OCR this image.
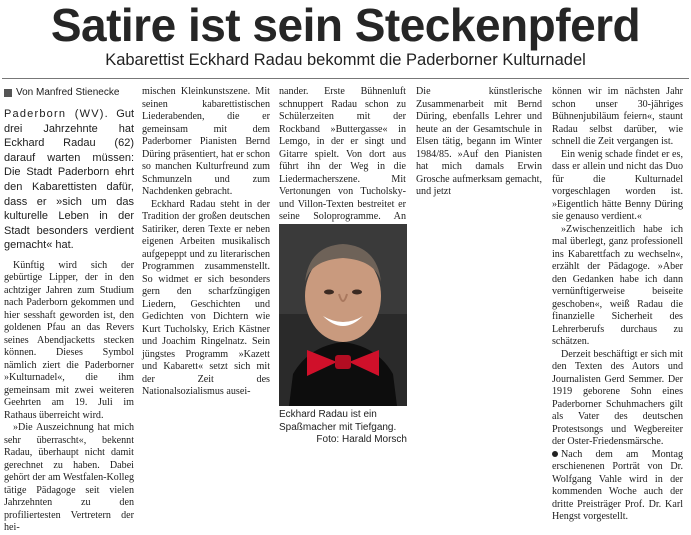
Satire ist sein Steckenpferd
Kabarettist Eckhard Radau bekommt die Paderborner Kulturnadel
Von Manfred Stienecke
Paderborn (WV). Gut drei Jahrzehnte hat Eckhard Radau (62) darauf warten müssen: Die Stadt Paderborn ehrt den Kabarettisten dafür, dass er »sich um das kulturelle Leben in der Stadt besonders verdient gemacht« hat.

Künftig wird sich der gebürtige Lipper, der in den achtziger Jahren zum Studium nach Paderborn gekommen und hier sesshaft geworden ist, den goldenen Pfau an das Revers seines Abendjacketts stecken können. Dieses Symbol nämlich ziert die Paderborner »Kulturnadel«, die ihm gemeinsam mit zwei weiteren Geehrten am 19. Juli im Rathaus überreicht wird.

»Die Auszeichnung hat mich sehr überrascht«, bekennt Radau, überhaupt nicht damit gerechnet zu haben. Dabei gehört der am Westfalen-Kolleg tätige Pädagoge seit vielen Jahrzehnten zu den profiliertesten Vertretern der hei-

mischen Kleinkunstszene. Mit seinen kabarettistischen Liederabenden, die er gemeinsam mit dem Paderborner Pianisten Bernd Düring präsentiert, hat er schon so manchen Kulturfreund zum Schmunzeln und zum Nachdenken gebracht.

Eckhard Radau steht in der Tradition der großen deutschen Satiriker, deren Texte er neben eigenen Arbeiten musikalisch aufgepeppt und zu literarischen Programmen zusammenstellt. So widmet er sich besonders gern den scharfzüngigen Liedern, Geschichten und Gedichten von Dichtern wie Kurt Tucholsky, Erich Kästner und Joachim Ringelnatz. Sein jüngstes Programm »Kazett und Kabarett« setzt sich mit der Zeit des Nationalsozialismus ausei-

nander. Erste Bühnenluft schnuppert Radau schon zu Schülerzeiten mit der Rockband »Buttergasse« in Lemgo, in der er singt und Gitarre spielt. Von dort aus führt ihn der Weg in die Liedermacherszene. Mit Vertonungen von Tucholsky- und Villon-Texten bestreitet er seine Soloprogramme. An

Die künstlerische Zusammenarbeit mit Bernd Düring, ebenfalls Lehrer und heute an der Gesamtschule in Elsen tätig, begann im Winter 1984/85. »Auf den Pianisten hat mich damals Erwin Grosche aufmerksam gemacht, und jetzt

können wir im nächsten Jahr schon unser 30-jähriges Bühnenjubiläum feiern«, staunt Radau selbst darüber, wie schnell die Zeit vergangen ist.

Ein wenig schade findet er es, dass er allein und nicht das Duo für die Kulturnadel vorgeschlagen worden ist. »Eigentlich hätte Benny Düring sie genauso verdient.«

»Zwischenzeitlich habe ich mal überlegt, ganz professionell ins Kabarettfach zu wechseln«, erzählt der Pädagoge. »Aber den Gedanken habe ich dann vernünftigerweise beiseite geschoben«, weiß Radau die finanzielle Sicherheit des Lehrerberufs durchaus zu schätzen.

Derzeit beschäftigt er sich mit den Texten des Autors und Journalisten Gerd Semmer. Der 1919 geborene Sohn eines Paderborner Schuhmachers gilt als Vater des deutschen Protestsongs und Wegbereiter der Oster-Friedensmärsche.

Nach dem am Montag erschienenen Porträt von Dr. Wolfgang Vahle wird in der kommenden Woche auch der dritte Preisträger Prof. Dr. Karl Hengst vorgestellt.

Eckhard Radau ist ein Spaßmacher mit Tiefgang.
Foto: Harald Morsch
